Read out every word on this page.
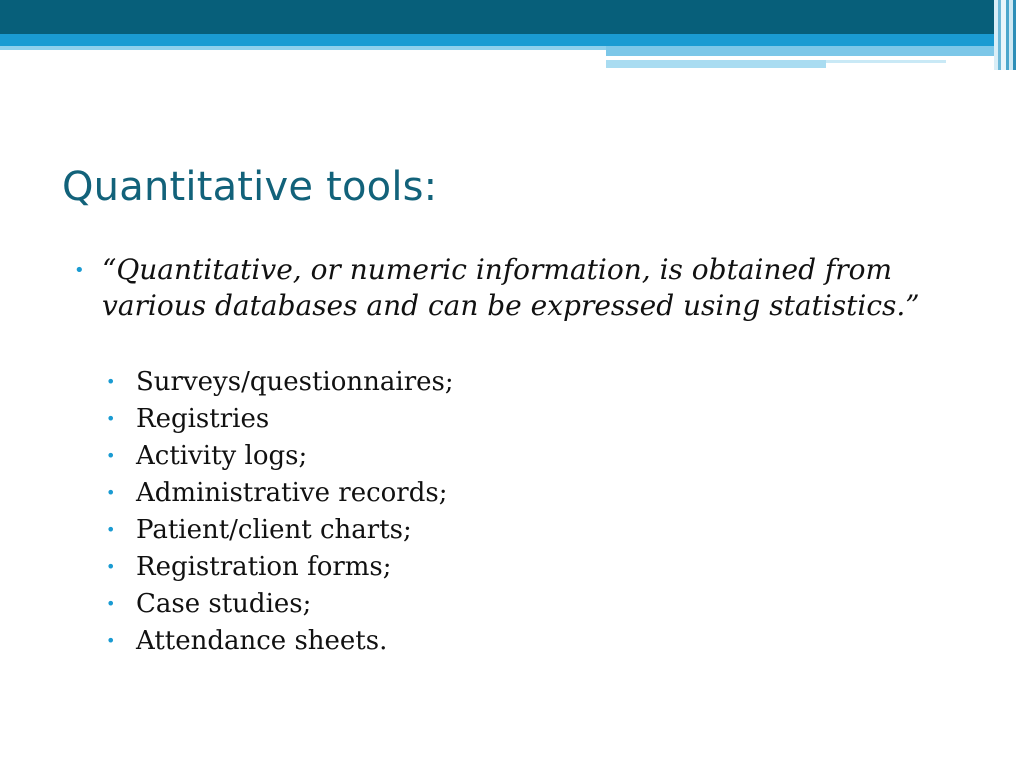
Quantitative tools:
• “Quantitative, or numeric information, is obtained from various databases and can be expressed using statistics.”

• Surveys/questionnaires;
• Registries
• Activity logs;
• Administrative records;
• Patient/client charts;
• Registration forms;
• Case studies;
• Attendance sheets.
